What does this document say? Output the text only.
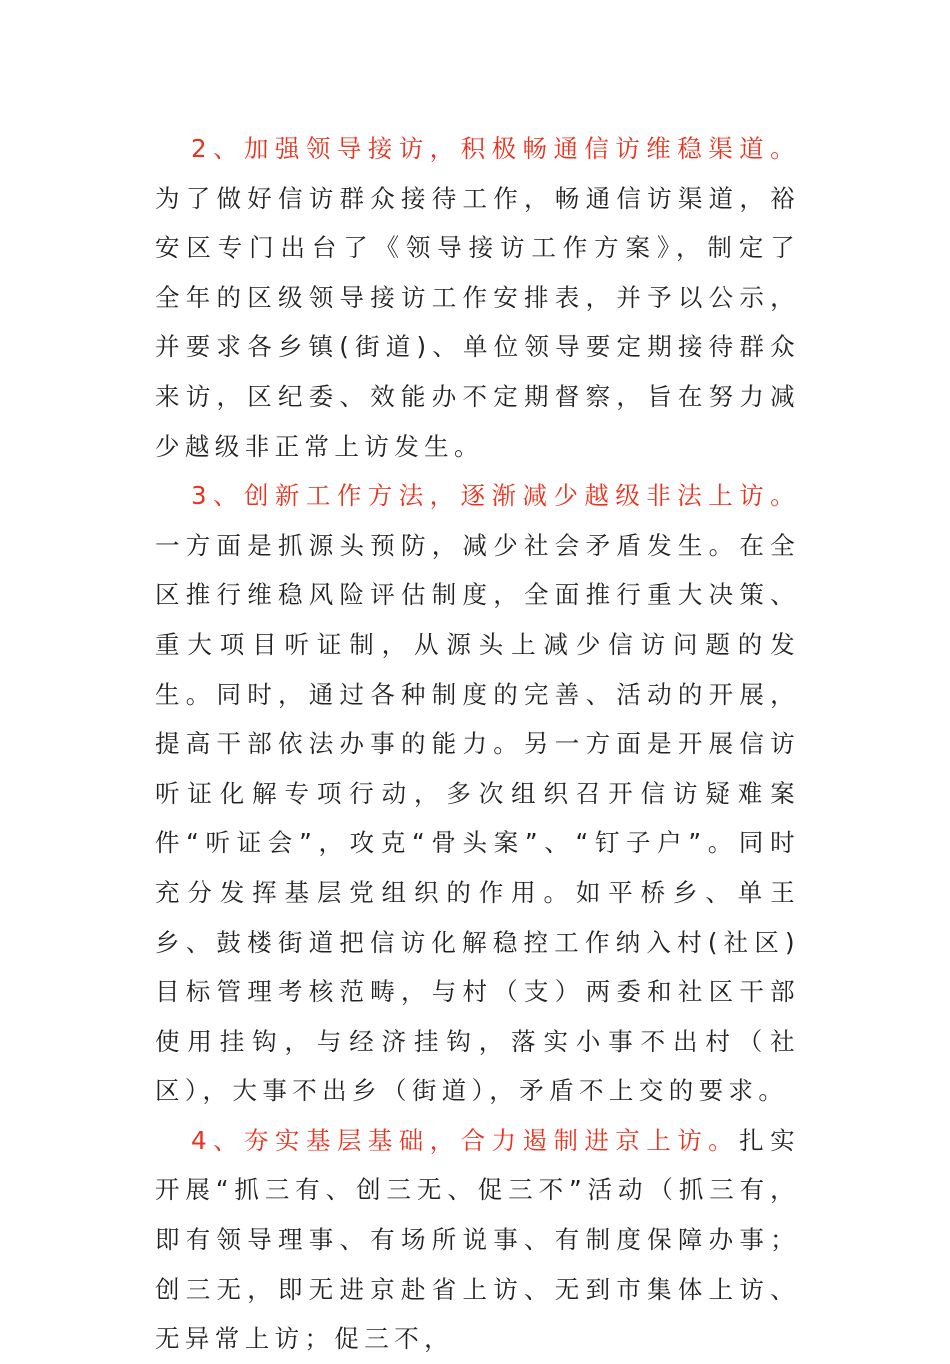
2、加强领导接访，积极畅通信访维稳渠道。为了做好信访群众接待工作，畅通信访渠道，裕安区专门出台了《领导接访工作方案》，制定了全年的区级领导接访工作安排表，并予以公示，并要求各乡镇(街道)、单位领导要定期接待群众来访，区纪委、效能办不定期督察，旨在努力减少越级非正常上访发生。

3、创新工作方法，逐渐减少越级非法上访。一方面是抓源头预防，减少社会矛盾发生。在全区推行维稳风险评估制度，全面推行重大决策、重大项目听证制，从源头上减少信访问题的发生。同时，通过各种制度的完善、活动的开展，提高干部依法办事的能力。另一方面是开展信访听证化解专项行动，多次组织召开信访疑难案件“听证会”，攻克“骨头案”、“钉子户”。同时充分发挥基层党组织的作用。如平桥乡、单王乡、鼓楼街道把信访化解稳控工作纳入村(社区)目标管理考核范畴，与村（支）两委和社区干部使用挂钩，与经济挂钩，落实小事不出村（社区），大事不出乡（街道），矛盾不上交的要求。

4、夯实基层基础，合力遏制进京上访。扎实开展“抓三有、创三无、促三不”活动（抓三有，即有领导理事、有场所说事、有制度保障办事；创三无，即无进京赴省上访、无到市集体上访、无异常上访；促三不，
